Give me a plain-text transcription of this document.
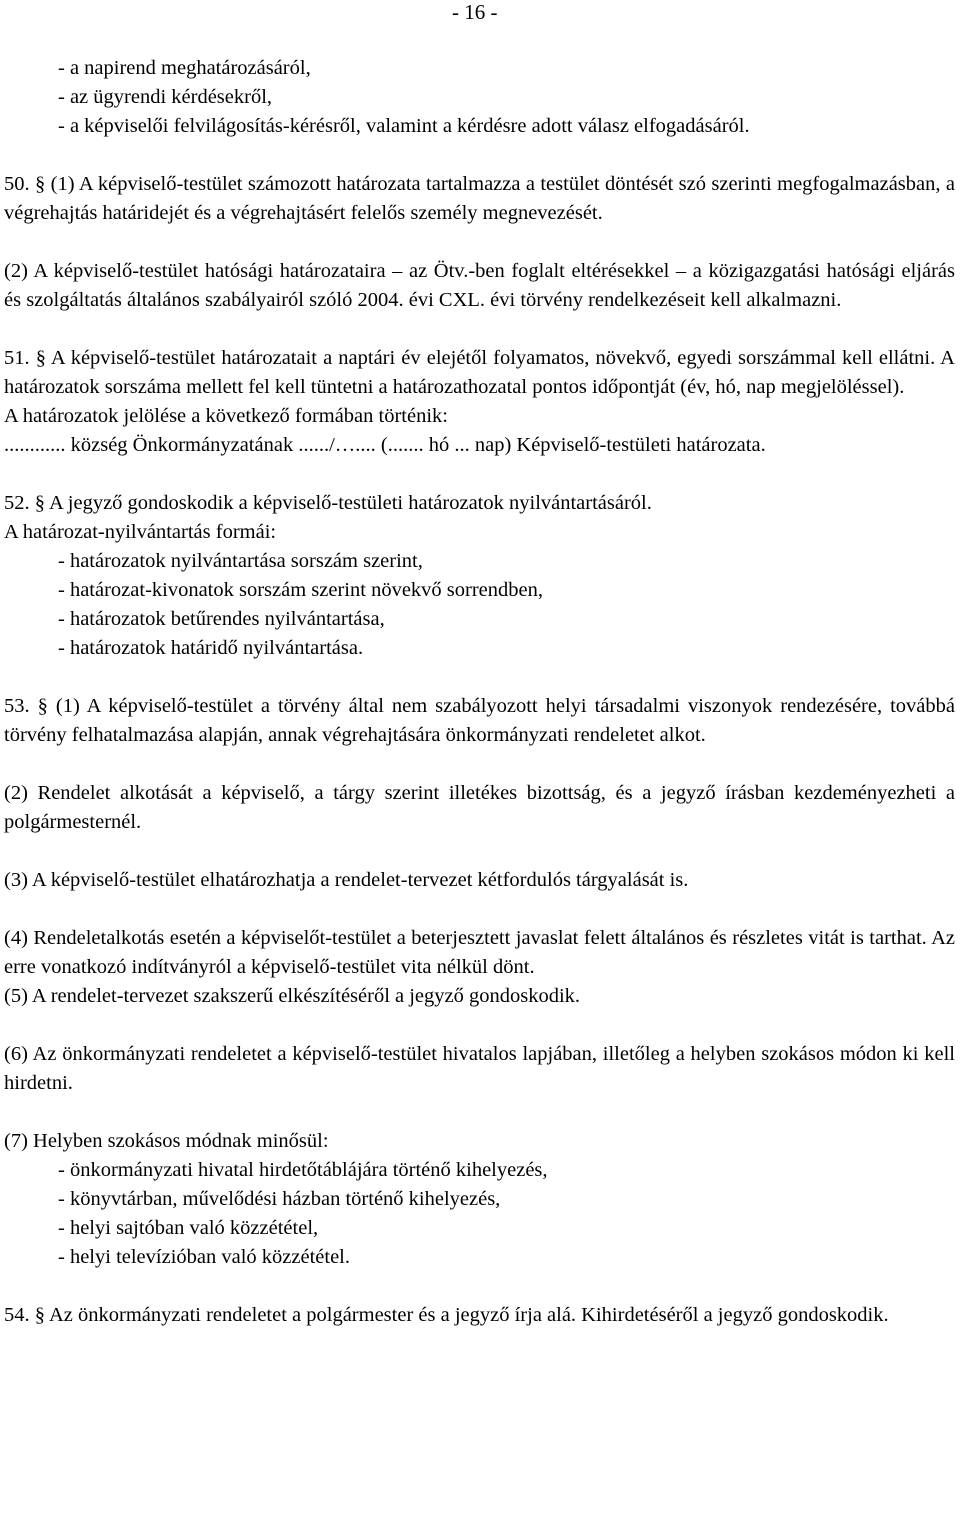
- 16 -

- a napirend meghatározásáról,

- az ügyrendi kérdésekről,

- a képviselői felvilágosítás-kérésről, valamint a kérdésre adott válasz elfogadásáról.

50. § (1) A képviselő-testület számozott határozata tartalmazza a testület döntését szó szerinti megfogalmazásban, a végrehajtás határidejét és a végrehajtásért felelős személy megnevezését.

(2) A képviselő-testület hatósági határozataira – az Ötv.-ben foglalt eltérésekkel – a közigazgatási hatósági eljárás és szolgáltatás általános szabályairól szóló 2004. évi CXL. évi törvény rendelkezéseit kell alkalmazni.

51. § A képviselő-testület határozatait a naptári év elejétől folyamatos, növekvő, egyedi sorszámmal kell ellátni. A határozatok sorszáma mellett fel kell tüntetni a határozathozatal pontos időpontját (év, hó, nap megjelöléssel).

A határozatok jelölése a következő formában történik:

............ község Önkormányzatának ....../….... (....... hó ... nap) Képviselő-testületi határozata.

52. § A jegyző gondoskodik a képviselő-testületi határozatok nyilvántartásáról.

A határozat-nyilvántartás formái:

- határozatok nyilvántartása sorszám szerint,

- határozat-kivonatok sorszám szerint növekvő sorrendben,

- határozatok betűrendes nyilvántartása,

- határozatok határidő nyilvántartása.

53. § (1) A képviselő-testület a törvény által nem szabályozott helyi társadalmi viszonyok rendezésére, továbbá törvény felhatalmazása alapján, annak végrehajtására önkormányzati rendeletet alkot.

(2) Rendelet alkotását a képviselő, a tárgy szerint illetékes bizottság, és a jegyző írásban kezdeményezheti a polgármesternél.

(3) A képviselő-testület elhatározhatja a rendelet-tervezet kétfordulós tárgyalását is.

(4) Rendeletalkotás esetén a képviselőt-testület a beterjesztett javaslat felett általános és részletes vitát is tarthat. Az erre vonatkozó indítványról a képviselő-testület vita nélkül dönt.

(5) A rendelet-tervezet szakszerű elkészítéséről a jegyző gondoskodik.

(6) Az önkormányzati rendeletet a képviselő-testület hivatalos lapjában, illetőleg a helyben szokásos módon ki kell hirdetni.

(7) Helyben szokásos módnak minősül:

- önkormányzati hivatal hirdetőtáblájára történő kihelyezés,

- könyvtárban, művelődési házban történő kihelyezés,

- helyi sajtóban való közzététel,

- helyi televízióban való közzététel.

54. § Az önkormányzati rendeletet a polgármester és a jegyző írja alá. Kihirdetéséről a jegyző gondoskodik.
